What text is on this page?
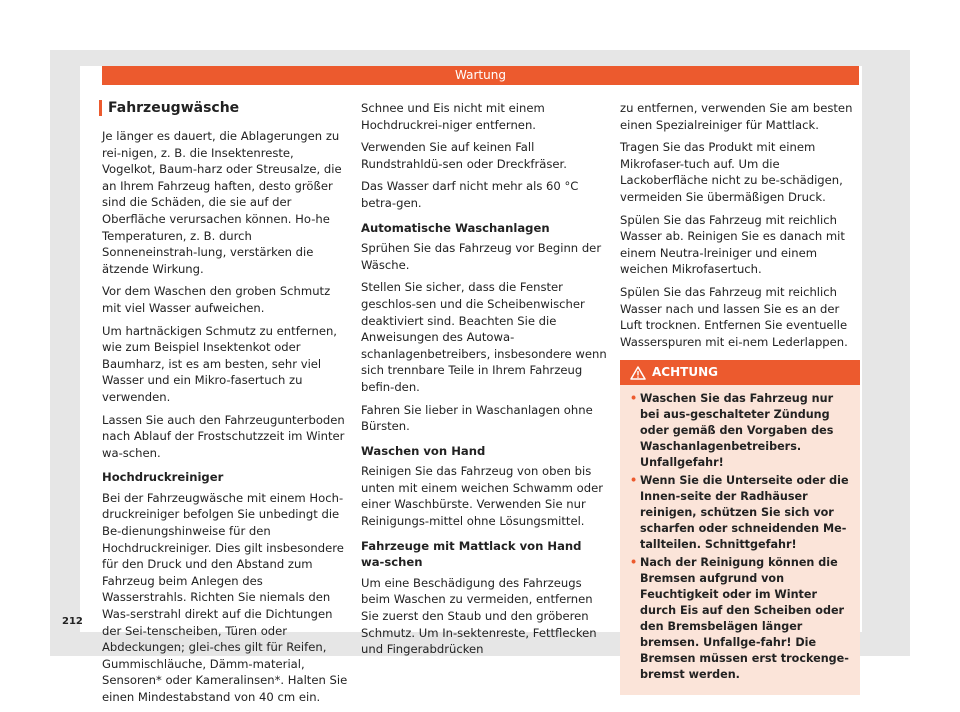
Wartung
Fahrzeugwäsche

Je länger es dauert, die Ablagerungen zu rei-nigen, z. B. die Insektenreste, Vogelkot, Baum-harz oder Streusalze, die an Ihrem Fahrzeug haften, desto größer sind die Schäden, die sie auf der Oberfläche verursachen können. Ho-he Temperaturen, z. B. durch Sonneneinstrah-lung, verstärken die ätzende Wirkung.

Vor dem Waschen den groben Schmutz mit viel Wasser aufweichen.

Um hartnäckigen Schmutz zu entfernen, wie zum Beispiel Insektenkot oder Baumharz, ist es am besten, sehr viel Wasser und ein Mikro-fasertuch zu verwenden.

Lassen Sie auch den Fahrzeugunterboden nach Ablauf der Frostschutzzeit im Winter wa-schen.

Hochdruckreiniger

Bei der Fahrzeugwäsche mit einem Hoch-druckreiniger befolgen Sie unbedingt die Be-dienungshinweise für den Hochdruckreiniger. Dies gilt insbesondere für den Druck und den Abstand zum Fahrzeug beim Anlegen des Wasserstrahls. Richten Sie niemals den Was-serstrahl direkt auf die Dichtungen der Sei-tenscheiben, Türen oder Abdeckungen; glei-ches gilt für Reifen, Gummischläuche, Dämm-material, Sensoren* oder Kameralinsen*. Halten Sie einen Mindestabstand von 40 cm ein.

Schnee und Eis nicht mit einem Hochdruckrei-niger entfernen.

Verwenden Sie auf keinen Fall Rundstrahldü-sen oder Dreckfräser.

Das Wasser darf nicht mehr als 60 °C betra-gen.

Automatische Waschanlagen

Sprühen Sie das Fahrzeug vor Beginn der Wäsche.

Stellen Sie sicher, dass die Fenster geschlos-sen und die Scheibenwischer deaktiviert sind. Beachten Sie die Anweisungen des Autowa-schanlagenbetreibers, insbesondere wenn sich trennbare Teile in Ihrem Fahrzeug befin-den.

Fahren Sie lieber in Waschanlagen ohne Bürsten.

Waschen von Hand

Reinigen Sie das Fahrzeug von oben bis unten mit einem weichen Schwamm oder einer Waschbürste. Verwenden Sie nur Reinigungs-mittel ohne Lösungsmittel.

Fahrzeuge mit Mattlack von Hand wa-schen

Um eine Beschädigung des Fahrzeugs beim Waschen zu vermeiden, entfernen Sie zuerst den Staub und den gröberen Schmutz. Um In-sektenreste, Fettflecken und Fingerabdrücken

zu entfernen, verwenden Sie am besten einen Spezialreiniger für Mattlack.

Tragen Sie das Produkt mit einem Mikrofaser-tuch auf. Um die Lackoberfläche nicht zu be-schädigen, vermeiden Sie übermäßigen Druck.

Spülen Sie das Fahrzeug mit reichlich Wasser ab. Reinigen Sie es danach mit einem Neutra-lreiniger und einem weichen Mikrofasertuch.

Spülen Sie das Fahrzeug mit reichlich Wasser nach und lassen Sie es an der Luft trocknen. Entfernen Sie eventuelle Wasserspuren mit ei-nem Lederlappen.

ACHTUNG
• Waschen Sie das Fahrzeug nur bei aus-geschalteter Zündung oder gemäß den Vorgaben des Waschanlagenbetreibers. Unfallgefahr!
• Wenn Sie die Unterseite oder die Innen-seite der Radhäuser reinigen, schützen Sie sich vor scharfen oder schneidenden Me-tallteilen. Schnittgefahr!
• Nach der Reinigung können die Bremsen aufgrund von Feuchtigkeit oder im Winter durch Eis auf den Scheiben oder den Bremsbelägen länger bremsen. Unfallge-fahr! Die Bremsen müssen erst trockenge-bremst werden.
212
